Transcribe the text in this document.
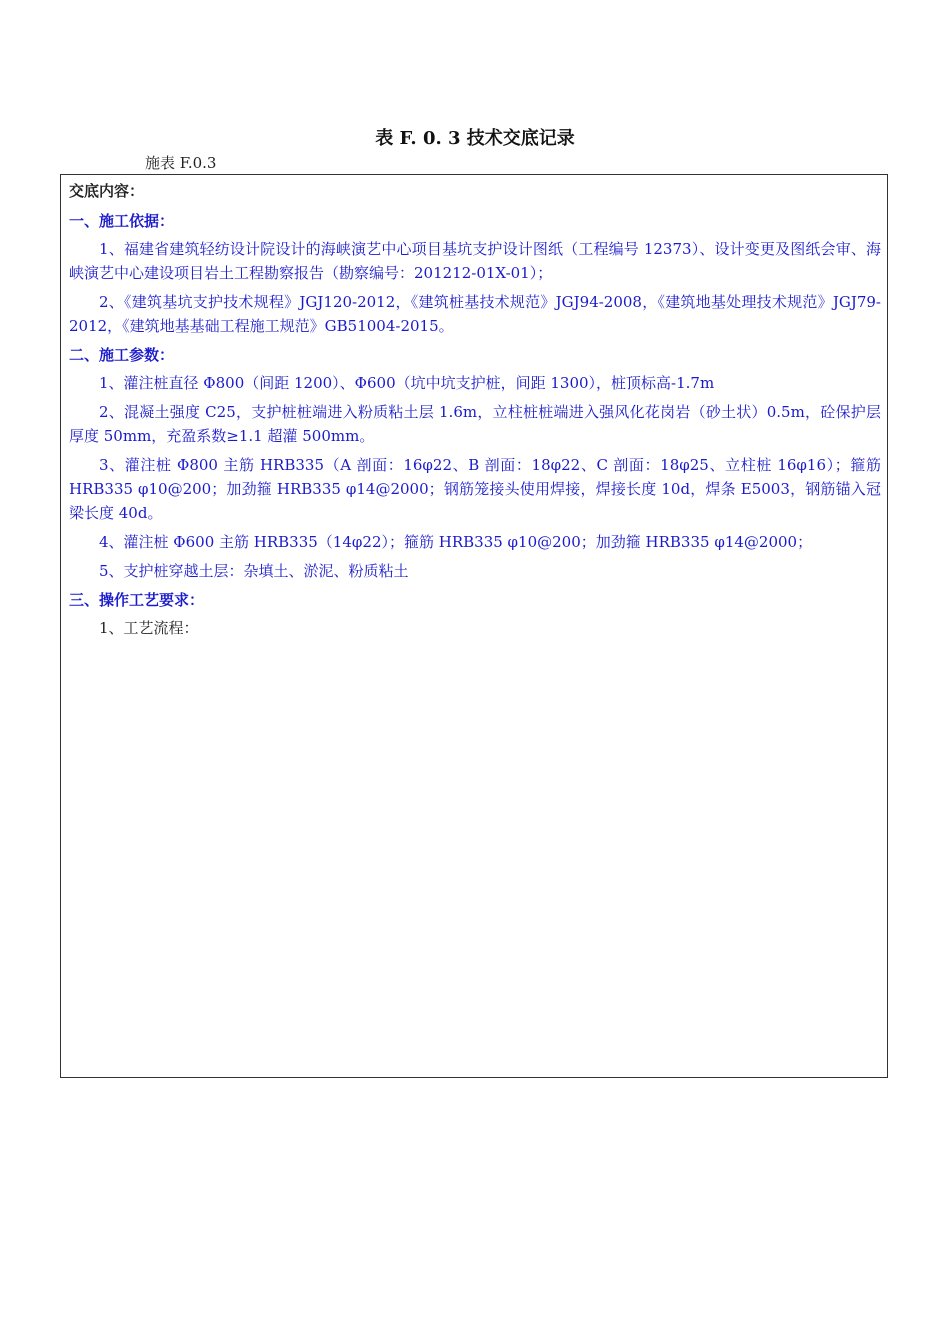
表 F. 0. 3 技术交底记录
施表 F.0.3
交底内容：
一、施工依据：
1、福建省建筑轻纺设计院设计的海峡演艺中心项目基坑支护设计图纸（工程编号 12373）、设计变更及图纸会审、海峡演艺中心建设项目岩土工程勘察报告（勘察编号：201212-01X-01）；
2、《建筑基坑支护技术规程》JGJ120-2012，《建筑桩基技术规范》JGJ94-2008，《建筑地基处理技术规范》JGJ79-2012，《建筑地基基础工程施工规范》GB51004-2015。
二、施工参数：
1、灌注桩直径 Φ800（间距 1200）、Φ600（坑中坑支护桩，间距 1300），桩顶标高-1.7m
2、混凝土强度 C25，支护桩桩端进入粉质粘土层 1.6m，立柱桩桩端进入强风化花岗岩（砂土状）0.5m，砼保护层厚度 50mm，充盈系数≥1.1 超灌 500mm。
3、灌注桩 Φ800 主筋 HRB335（A 剖面：16φ22、B 剖面：18φ22、C 剖面：18φ25、立柱桩 16φ16）；箍筋 HRB335 φ10@200；加劲箍 HRB335 φ14@2000；钢筋笼接头使用焊接，焊接长度 10d，焊条 E5003，钢筋锚入冠梁长度 40d。
4、灌注桩 Φ600 主筋 HRB335（14φ22）；箍筋 HRB335 φ10@200；加劲箍 HRB335 φ14@2000；
5、支护桩穿越土层：杂填土、淤泥、粉质粘土
三、操作工艺要求：
1、工艺流程：
